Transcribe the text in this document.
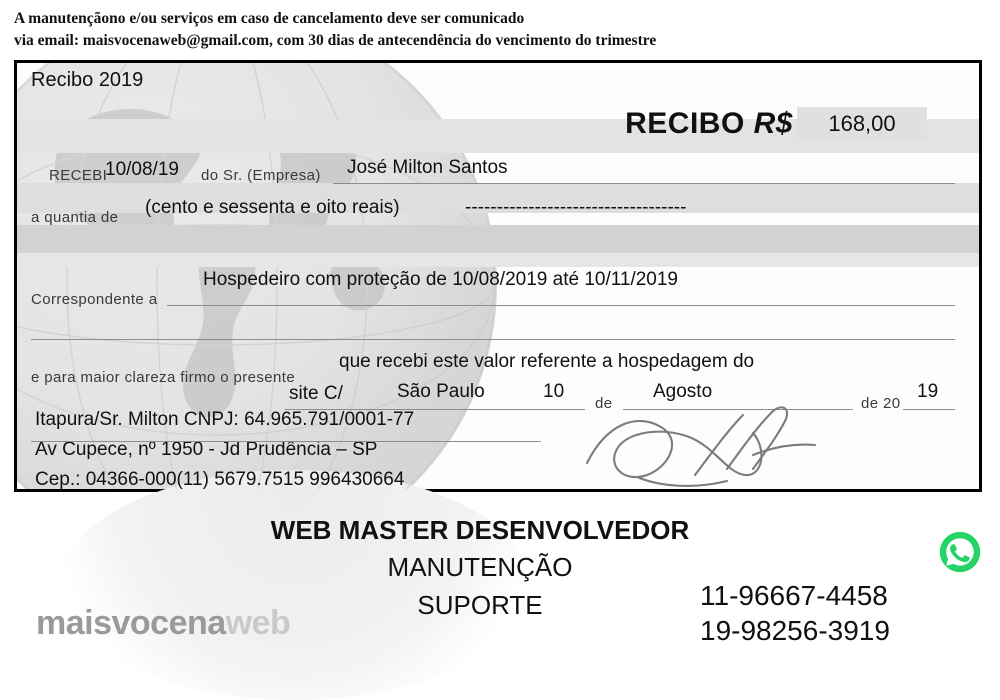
A manutençãono e/ou serviços em caso de cancelamento deve ser comunicado
via email: maisvocenaweb@gmail.com, com 30 dias de antecendência do vencimento do trimestre
Recibo 2019
RECIBO R$	168,00
RECEBI
10/08/19 do Sr. (Empresa) José Milton Santos
a quantia de (cento e sessenta e oito reais)	-----------------------------------
Correspondente a
Hospedeiro com proteção de 10/08/2019 até 10/11/2019
e para maior clareza firmo o presente
que recebi este valor referente a hospedagem do
site C/	São Paulo	10
de
Agosto
de 20
19
Itapura/Sr. Milton CNPJ: 64.965.791/0001-77
Av Cupece, nº 1950 - Jd Prudência – SP
Cep.: 04366-000(11) 5679.7515 996430664
WEB MASTER DESENVOLVEDOR
MANUTENÇÃO
SUPORTE	11-96667-4458
19-98256-3919
maisvocenaweb
